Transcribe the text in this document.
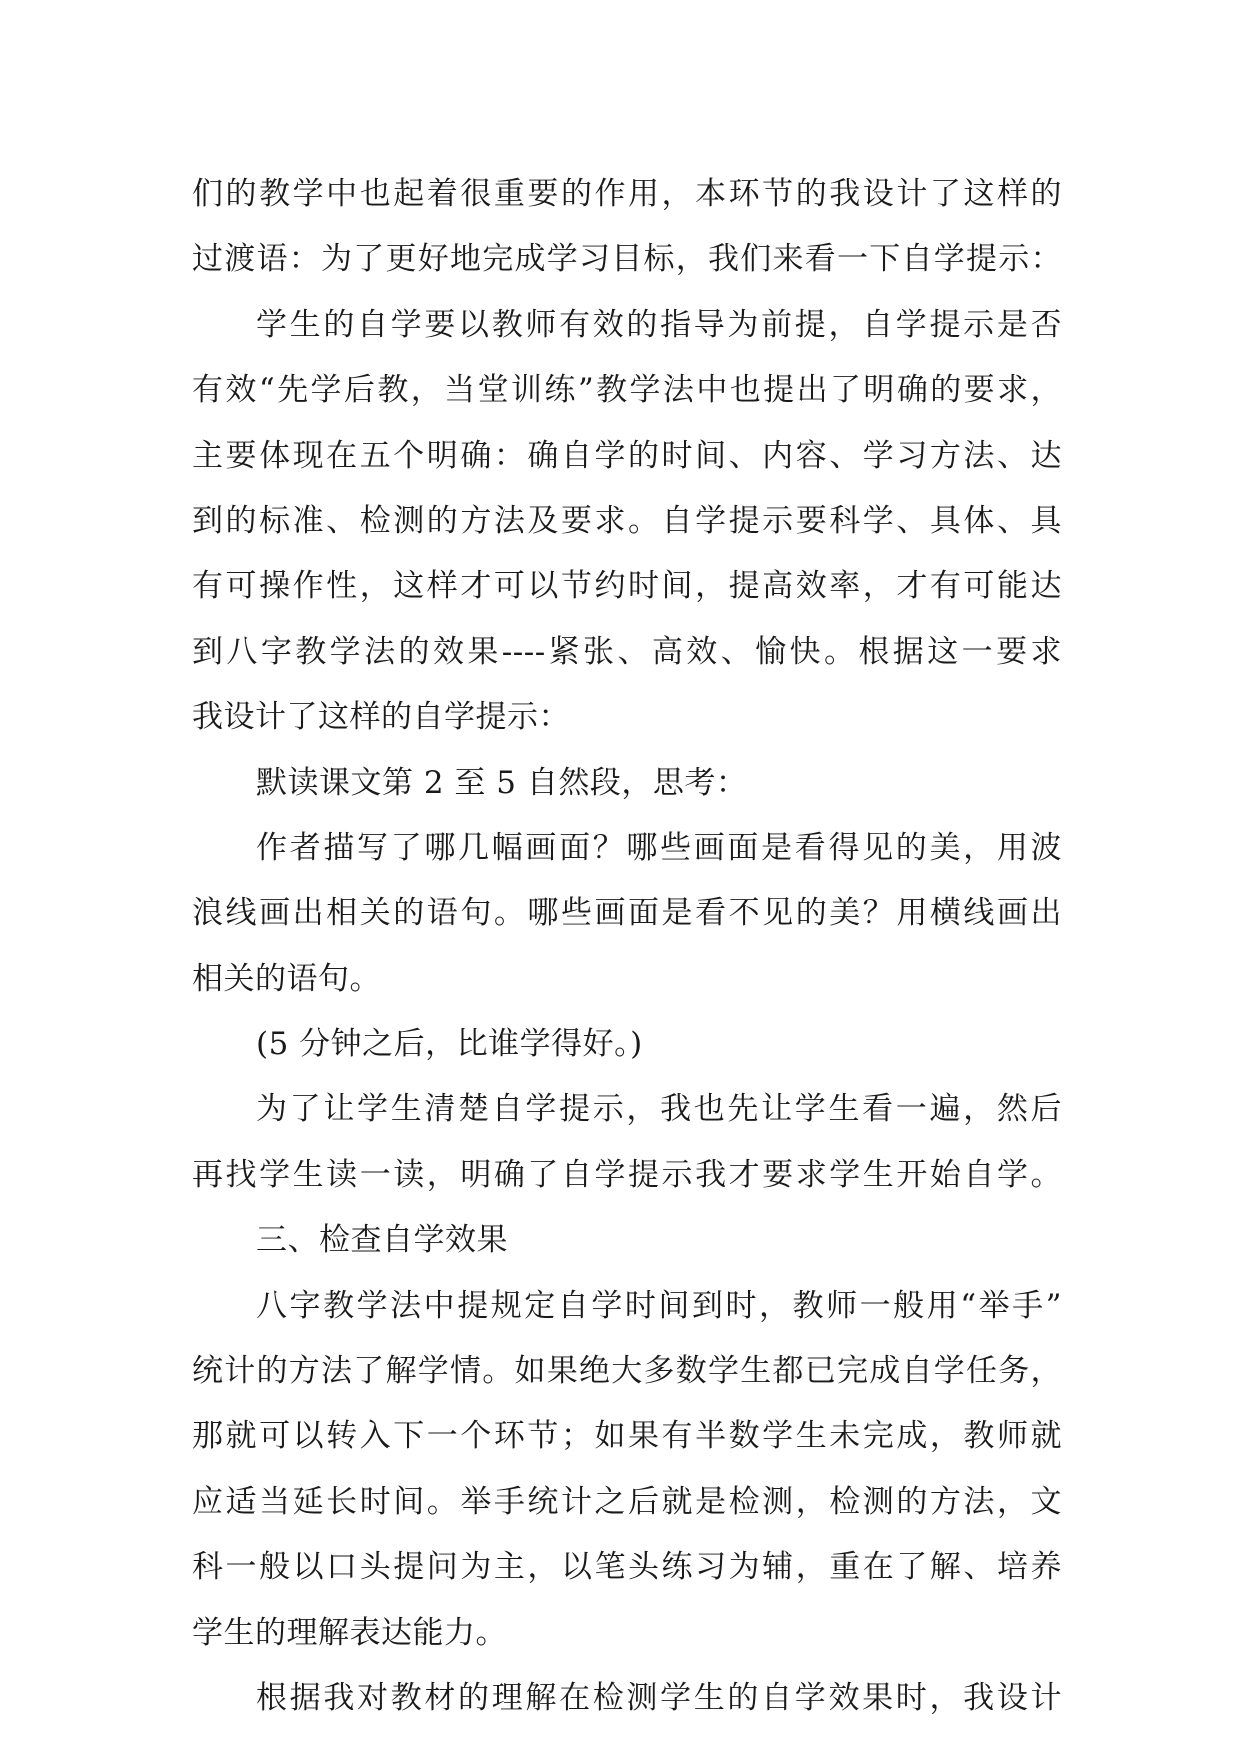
们的教学中也起着很重要的作用，本环节的我设计了这样的
过渡语：为了更好地完成学习目标，我们来看一下自学提示：
学生的自学要以教师有效的指导为前提，自学提示是否
有效“先学后教，当堂训练”教学法中也提出了明确的要求，
主要体现在五个明确：确自学的时间、内容、学习方法、达
到的标准、检测的方法及要求。自学提示要科学、具体、具
有可操作性，这样才可以节约时间，提高效率，才有可能达
到八字教学法的效果----紧张、高效、愉快。根据这一要求
我设计了这样的自学提示：
默读课文第 2 至 5 自然段，思考：
作者描写了哪几幅画面？哪些画面是看得见的美，用波
浪线画出相关的语句。哪些画面是看不见的美？用横线画出
相关的语句。
(5 分钟之后，比谁学得好。)
为了让学生清楚自学提示，我也先让学生看一遍，然后
再找学生读一读，明确了自学提示我才要求学生开始自学。
三、检查自学效果
八字教学法中提规定自学时间到时，教师一般用“举手”
统计的方法了解学情。如果绝大多数学生都已完成自学任务，
那就可以转入下一个环节；如果有半数学生未完成，教师就
应适当延长时间。举手统计之后就是检测，检测的方法，文
科一般以口头提问为主，以笔头练习为辅，重在了解、培养
学生的理解表达能力。
根据我对教材的理解在检测学生的自学效果时，我设计
